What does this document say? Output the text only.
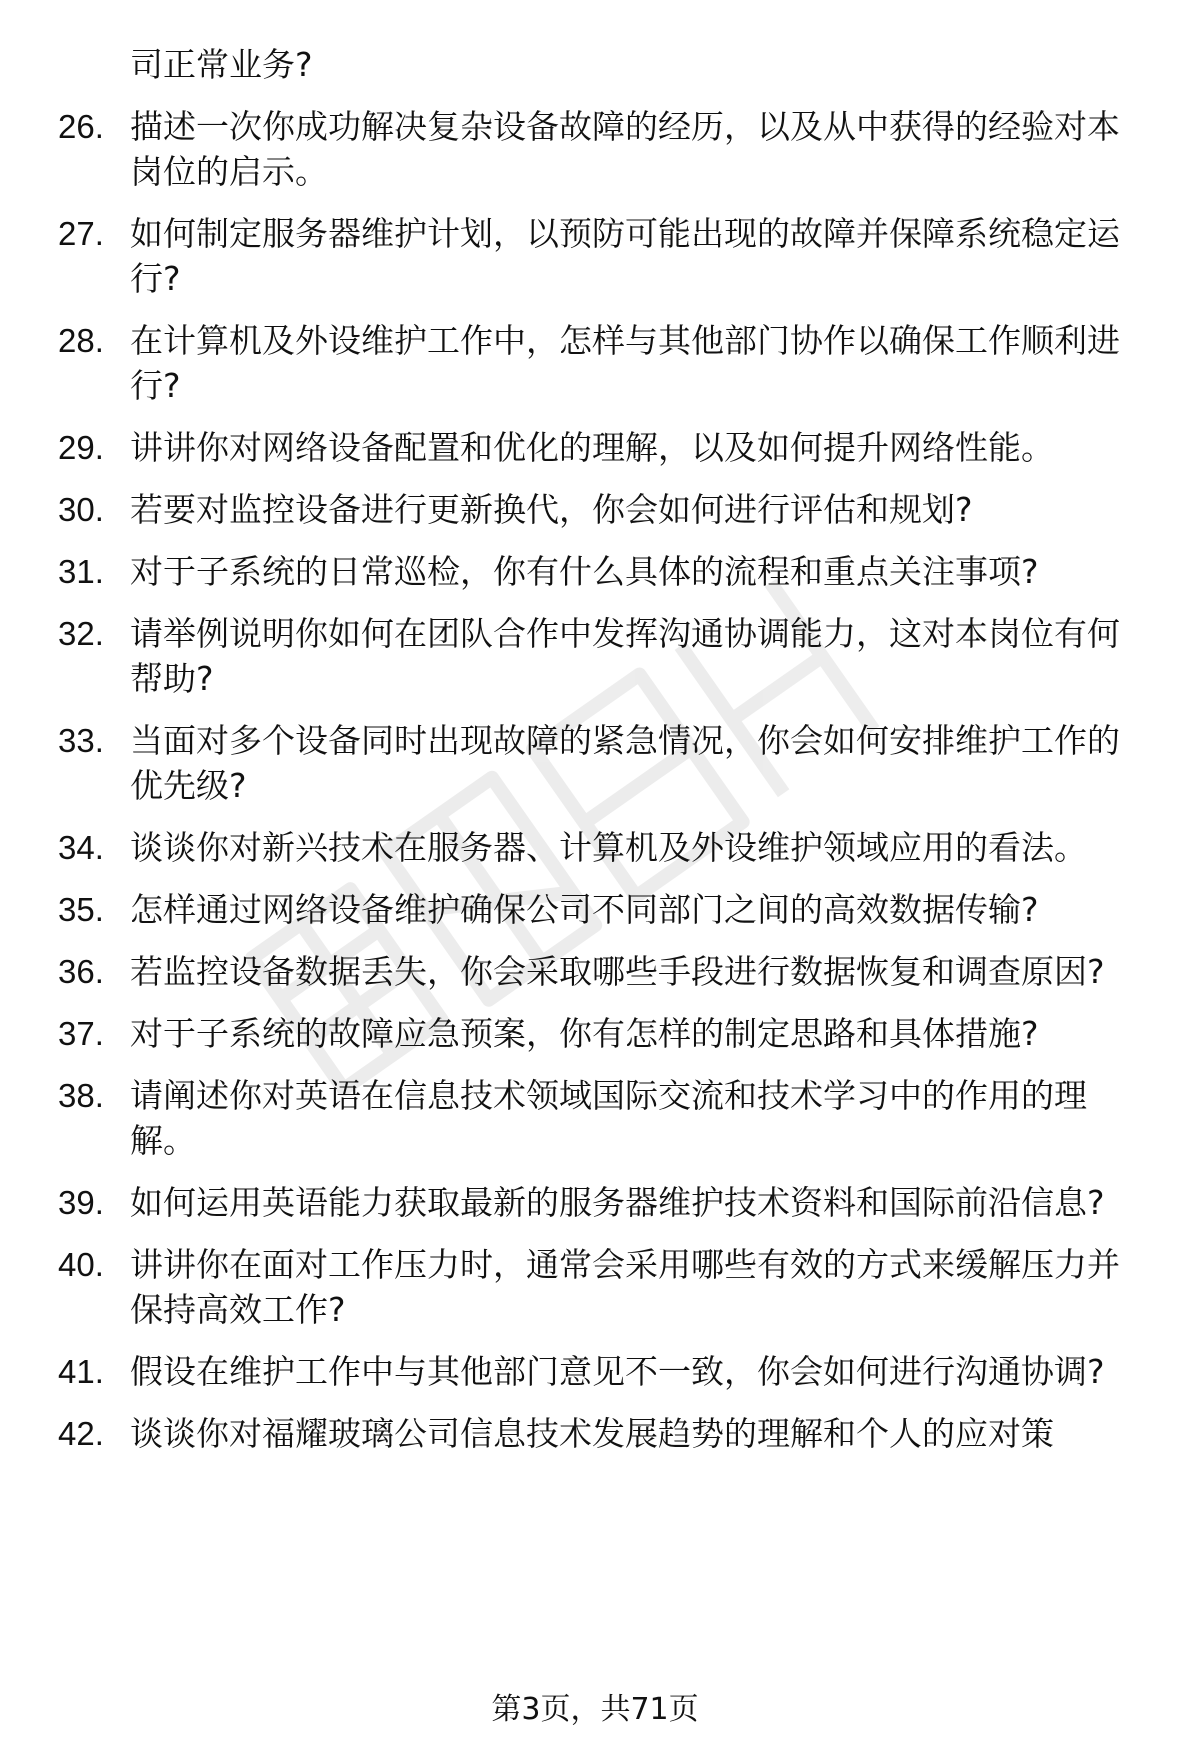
司正常业务?
26. 描述一次你成功解决复杂设备故障的经历，以及从中获得的经验对本岗位的启示。
27. 如何制定服务器维护计划，以预防可能出现的故障并保障系统稳定运行?
28. 在计算机及外设维护工作中，怎样与其他部门协作以确保工作顺利进行?
29. 讲讲你对网络设备配置和优化的理解，以及如何提升网络性能。
30. 若要对监控设备进行更新换代，你会如何进行评估和规划?
31. 对于子系统的日常巡检，你有什么具体的流程和重点关注事项?
32. 请举例说明你如何在团队合作中发挥沟通协调能力，这对本岗位有何帮助?
33. 当面对多个设备同时出现故障的紧急情况，你会如何安排维护工作的优先级?
34. 谈谈你对新兴技术在服务器、计算机及外设维护领域应用的看法。
35. 怎样通过网络设备维护确保公司不同部门之间的高效数据传输?
36. 若监控设备数据丢失，你会采取哪些手段进行数据恢复和调查原因?
37. 对于子系统的故障应急预案，你有怎样的制定思路和具体措施?
38. 请阐述你对英语在信息技术领域国际交流和技术学习中的作用的理解。
39. 如何运用英语能力获取最新的服务器维护技术资料和国际前沿信息?
40. 讲讲你在面对工作压力时，通常会采用哪些有效的方式来缓解压力并保持高效工作?
41. 假设在维护工作中与其他部门意见不一致，你会如何进行沟通协调?
42. 谈谈你对福耀玻璃公司信息技术发展趋势的理解和个人的应对策
第3页，共71页
